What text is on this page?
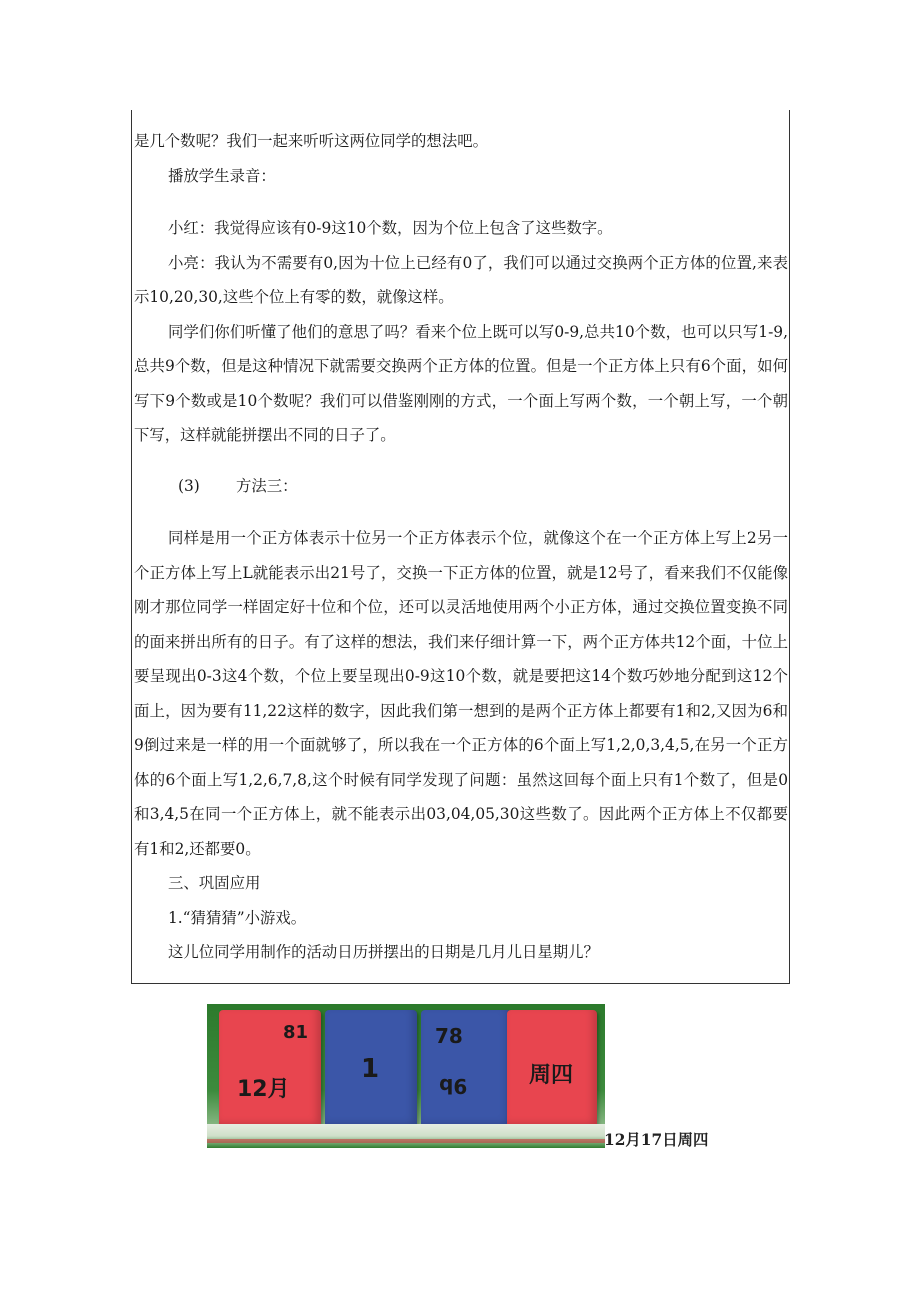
是几个数呢？我们一起来听听这两位同学的想法吧。

播放学生录音：

小红：我觉得应该有0-9这10个数，因为个位上包含了这些数字。

小亮：我认为不需要有0,因为十位上已经有0了，我们可以通过交换两个正方体的位置,来表示10,20,30,这些个位上有零的数，就像这样。

同学们你们听懂了他们的意思了吗？看来个位上既可以写0-9,总共10个数，也可以只写1-9,总共9个数，但是这种情况下就需要交换两个正方体的位置。但是一个正方体上只有6个面，如何写下9个数或是10个数呢？我们可以借鉴刚刚的方式，一个面上写两个数，一个朝上写，一个朝下写，这样就能拼摆出不同的日子了。

(3) 方法三：

同样是用一个正方体表示十位另一个正方体表示个位，就像这个在一个正方体上写上2另一个正方体上写上L就能表示出21号了，交换一下正方体的位置，就是12号了，看来我们不仅能像刚才那位同学一样固定好十位和个位，还可以灵活地使用两个小正方体，通过交换位置变换不同的面来拼出所有的日子。有了这样的想法，我们来仔细计算一下，两个正方体共12个面，十位上要呈现出0-3这4个数，个位上要呈现出0-9这10个数，就是要把这14个数巧妙地分配到这12个面上，因为要有11,22这样的数字，因此我们第一想到的是两个正方体上都要有1和2,又因为6和9倒过来是一样的用一个面就够了，所以我在一个正方体的6个面上写1,2,0,3,4,5,在另一个正方体的6个面上写1,2,6,7,8,这个时候有同学发现了问题：虽然这回每个面上只有1个数了，但是0和3,4,5在同一个正方体上，就不能表示出03,04,05,30这些数了。因此两个正方体上不仅都要有1和2,还都要0。

三、巩固应用

1.“猜猜猜”小游戏。

这儿位同学用制作的活动日历拼摆出的日期是几月儿日星期儿？

81
12月
1
78
9b	周四
12月17日周四
